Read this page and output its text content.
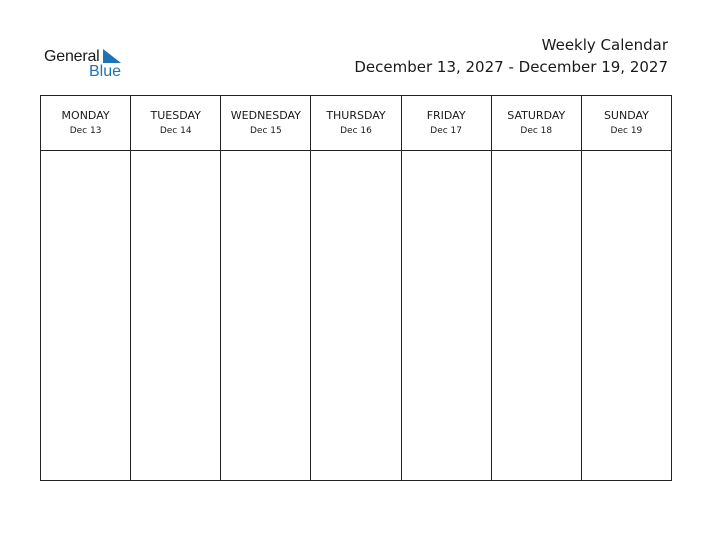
General
Blue
Weekly Calendar
December 13, 2027 - December 19, 2027
MONDAY
Dec 13
TUESDAY
Dec 14
WEDNESDAY
Dec 15
THURSDAY
Dec 16
FRIDAY
Dec 17
SATURDAY
Dec 18
SUNDAY
Dec 19
